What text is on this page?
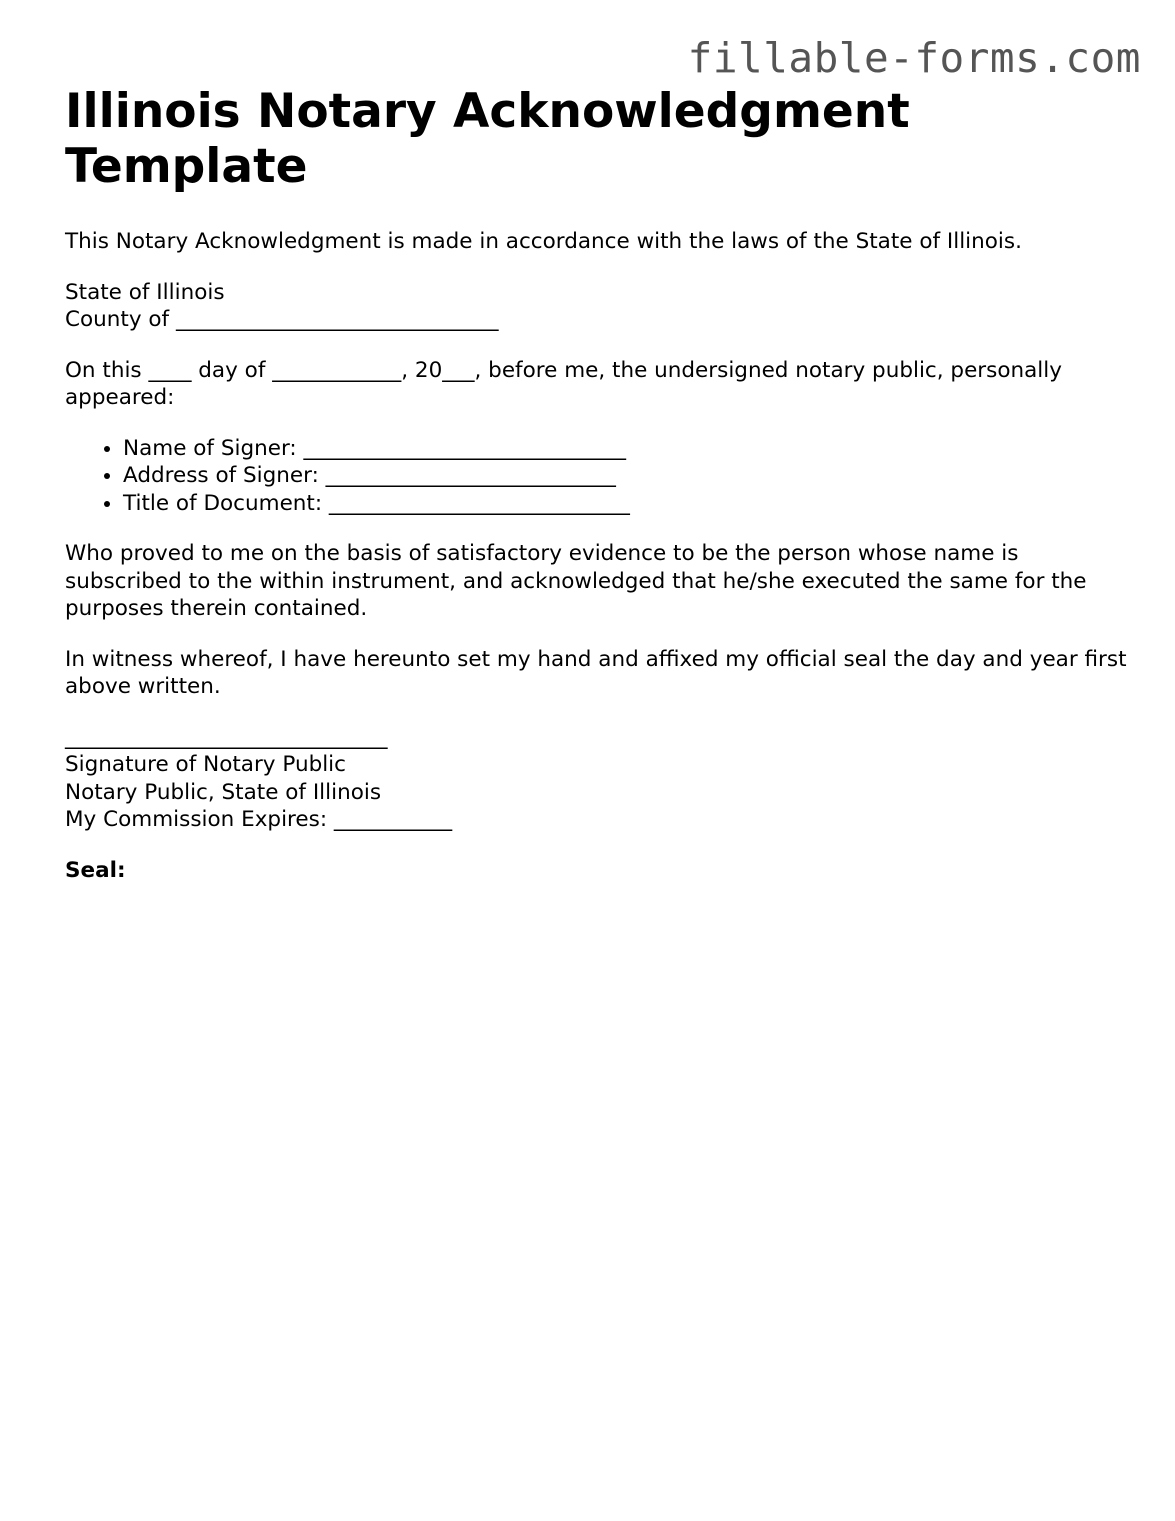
fillable-forms.com
Illinois Notary Acknowledgment Template

This Notary Acknowledgment is made in accordance with the laws of the State of Illinois.

State of Illinois

County of ______________________________

On this ____ day of ____________, 20___, before me, the undersigned notary public, personally appeared:

• Name of Signer: ______________________________
• Address of Signer: ___________________________
• Title of Document: ____________________________

Who proved to me on the basis of satisfactory evidence to be the person whose name is subscribed to the within instrument, and acknowledged that he/she executed the same for the purposes therein contained.

In witness whereof, I have hereunto set my hand and affixed my official seal the day and year first above written.

______________________________

Signature of Notary Public

Notary Public, State of Illinois

My Commission Expires: ___________

Seal:
